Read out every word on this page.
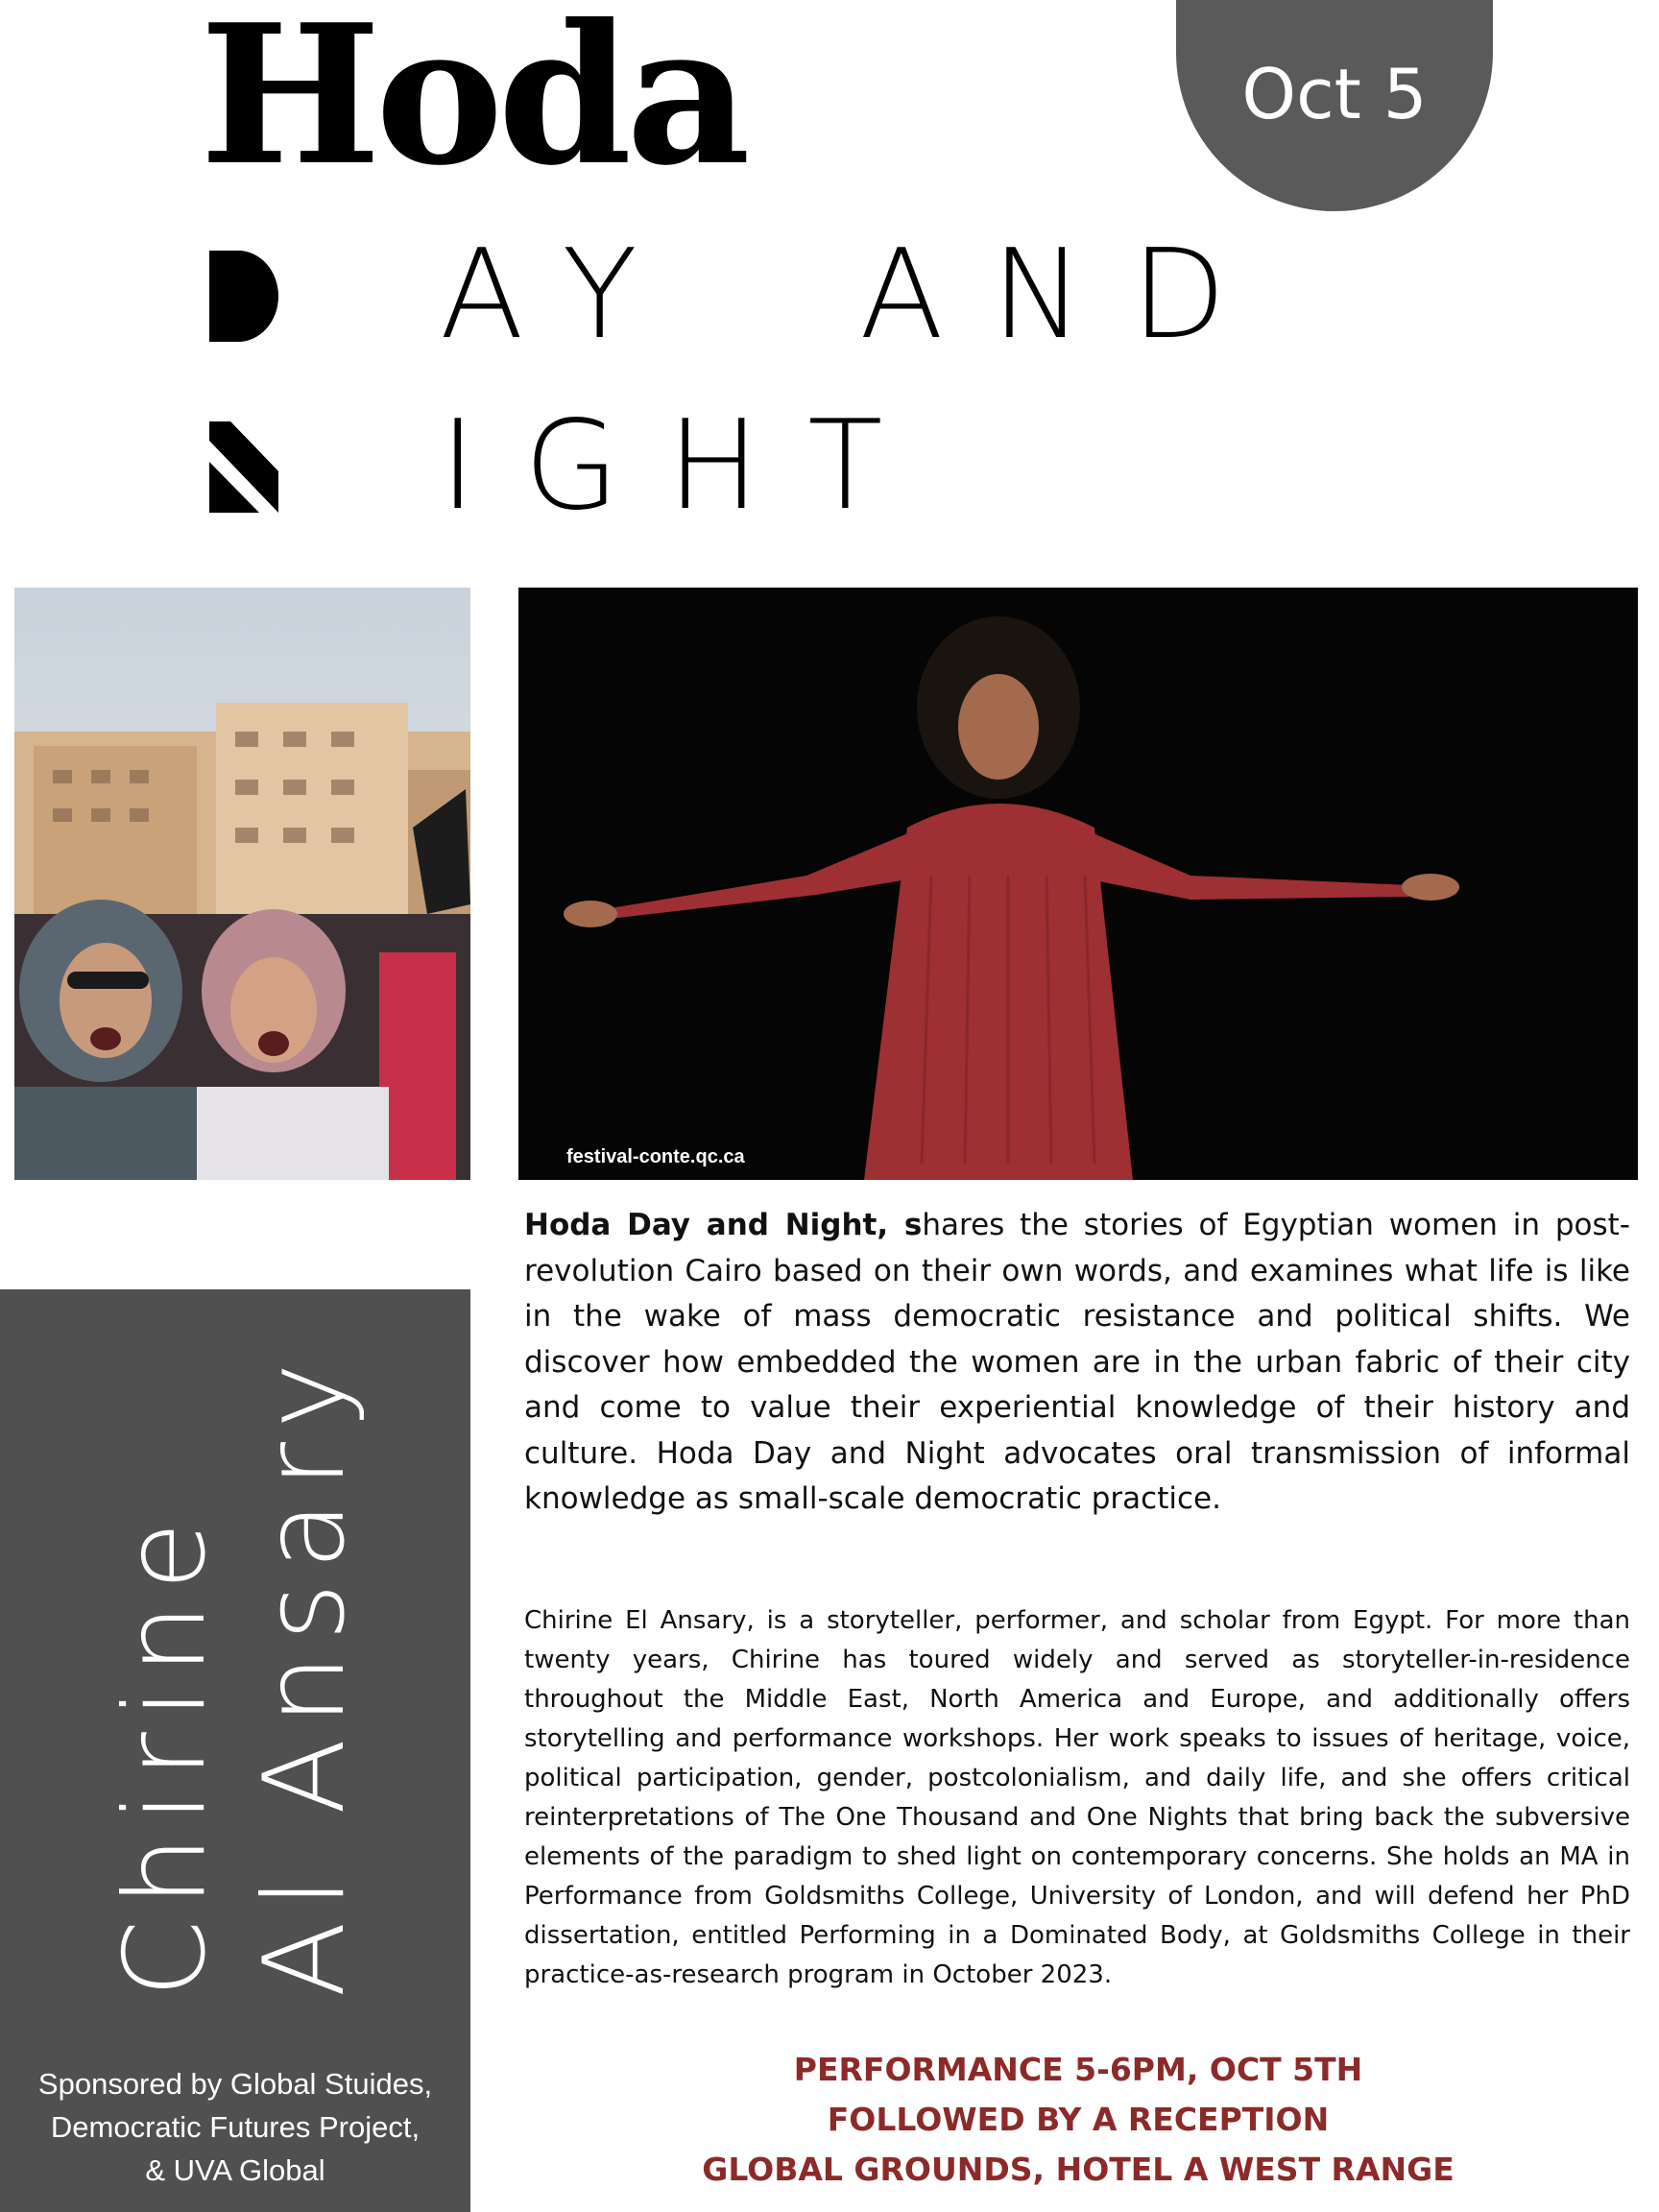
Hoda
AY  AND
IGHT
Oct 5
festival-conte.qc.ca
Chirine Al Ansary
Sponsored by Global Stuides,
Democratic Futures Project,
& UVA Global

Hoda Day and Night, shares the stories of Egyptian women in post-revolution Cairo based on their own words, and examines what life is like in the wake of mass democratic resistance and political shifts. We discover how embedded the women are in the urban fabric of their city and come to value their experiential knowledge of their history and culture. Hoda Day and Night advocates oral transmission of informal knowledge as small-scale democratic practice.

Chirine El Ansary, is a storyteller, performer, and scholar from Egypt. For more than twenty years, Chirine has toured widely and served as storyteller-in-residence throughout the Middle East, North America and Europe, and additionally offers storytelling and performance workshops. Her work speaks to issues of heritage, voice, political participation, gender, postcolonialism, and daily life, and she offers critical reinterpretations of The One Thousand and One Nights that bring back the subversive elements of the paradigm to shed light on contemporary concerns. She holds an MA in Performance from Goldsmiths College, University of London, and will defend her PhD dissertation, entitled Performing in a Dominated Body, at Goldsmiths College in their practice-as-research program in October 2023.

PERFORMANCE 5-6PM, OCT 5TH
FOLLOWED BY A RECEPTION
GLOBAL GROUNDS, HOTEL A WEST RANGE
